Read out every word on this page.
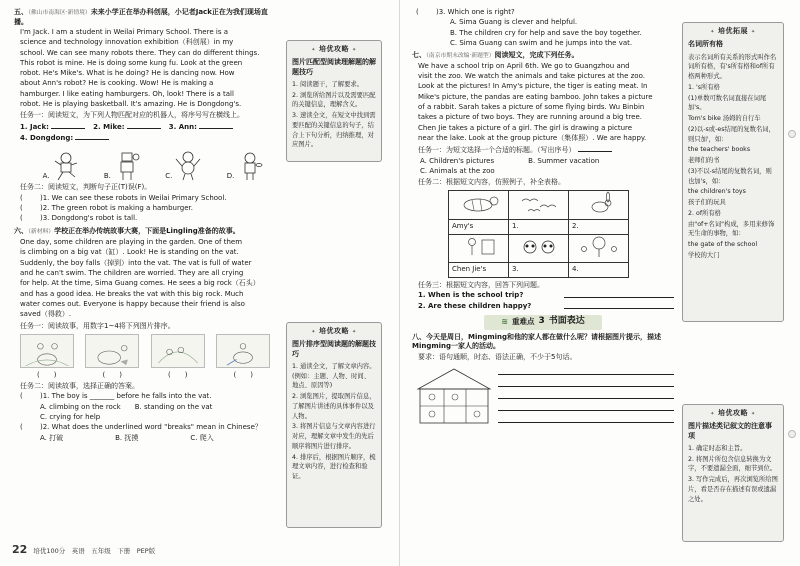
五、（佛山市南海区·新情境）未来小学正在举办科创展，小记者Jack正在为我们现场直播。

I'm Jack. I am a student in Weilai Primary School. There is a

science and technology innovation exhibition（科创展）in my

school. We can see many robots there. They can do different things.

This robot is mine. He is doing some kung fu. Look at the green

robot. He's Mike's. What is he doing? He is dancing now. How

about Ann's robot? He is cooking. Wow! He is making a

hamburger. I like eating hamburgers. Oh, look! There is a tall

robot. He is playing basketball. It's amazing. He is Dongdong's.

任务一：阅读短文，为下列人物匹配对应的机器人，将序号写在横线上。

1. Jack:	2. Mike:	3. Ann:

4. Dongdong:

A.	B.	C.	D.

任务二：阅读短文，判断句子正(T)误(F)。

( )1. We can see these robots in Weilai Primary School.

( )2. The green robot is making a hamburger.

( )3. Dongdong's robot is tall.

六、（新材料）学校正在举办传统故事大赛，下面是Lingling准备的故事。

One day, some children are playing in the garden. One of them

is climbing on a big vat（缸）. Look! He is standing on the vat.

Suddenly, the boy falls（掉到）into the vat. The vat is full of water

and he can't swim. The children are worried. They are all crying

for help. At the time, Sima Guang comes. He sees a big rock（石头）

and has a good idea. He breaks the vat with this big rock. Much

water comes out. Everyone is happy because their friend is also

saved（得救）.

任务一：阅读故事，用数字1~4将下列图片排序。

(　　)	(　　)	(　　)	(　　)

任务二：阅读故事，选择正确的答案。

( )1. The boy is _______ before he falls into the vat.

A. climbing on the rock B. standing on the vat

C. crying for help

( )2. What does the underlined word "breaks" mean in Chinese？

A. 打破	B. 抚摸	C. 爬入

✦ 培优攻略 ✦
图片匹配型阅读理解题的解题技巧

1. 阅读题干，了解要求。

2. 浏览所给图片以及需要匹配的关键信息，理解含义。

3. 速读全文，在短文中找到需要匹配的关键信息的句子，结合上下句分析，归纳推理，对应图片。

✦ 培优攻略 ✦
图片排序型阅读题的解题技巧

1. 通读全文，了解文章内容。(例如：主题、人物、时间、地点、原因等)

2. 浏览图片，提取图片信息，了解图片讲述的具体事件以及人物。

3. 将图片信息与文章内容进行对应，理解文章中发生的先后顺序将图片进行排序。

4. 排序后，根据图片顺序，梳理文章内容，进行检查和验证。

22 培优100分　英语　五年级　下册　PEP版

( )3. Which one is right?

A. Sima Guang is clever and helpful.

B. The children cry for help and save the boy together.

C. Sima Guang can swim and he jumps into the vat.

七、（南京市期末改编·新题型）阅读短文，完成下列任务。

We have a school trip on April 6th. We go to Guangzhou and

visit the zoo. We watch the animals and take pictures at the zoo.

Look at the pictures! In Amy's picture, the tiger is eating meat. In

Mike's picture, the pandas are eating bamboo. John takes a picture

of a rabbit. Sarah takes a picture of some flying birds. Wu Binbin

takes a picture of two boys. They are running around a big tree.

Chen Jie takes a picture of a girl. The girl is drawing a picture

near the lake. Look at the group picture（集体照）. We are happy.

任务一：为短文选择一个合适的标题。（写出序号）

A. Children's pictures	B. Summer vacation

C. Animals at the zoo

任务二：根据短文内容，仿照例子，补全表格。

Amy's	1.	2.

Chen Jie's	3.	4.

任务三：根据短文内容，回答下列问题。

1. When is the school trip?

2. Are these children happy?

≋ 重难点 3 书面表达

八、今天是周日，Mingming和他的家人都在做什么呢？请根据图片提示，描述Mingming一家人的活动。

要求：语句通顺，时态、语法正确，不少于5句话。

✦ 培优拓展 ✦
名词所有格

表示名词所有关系的形式叫作名词所有格，有's所有格和of所有格两种形式。

1. 's所有格

(1)单数可数名词直接在词尾加's。

Tom's bike 汤姆的自行车

(2)以-s或-es结尾的复数名词，则只加'，如：

the teachers' books

老师们的书

(3)不以-s结尾的复数名词，则也加's，如：

the children's toys

孩子们的玩具

2. of所有格

由"of+名词"构成，多用来修饰无生命的事物，如：

the gate of the school

学校的大门

✦ 培优攻略 ✦
图片描述类记叙文的注意事项

1. 确定时态和主旨。

2. 将图片所包含信息转换为文字，不要遗漏全面，细节到位。

3. 写作完成后，再次浏览所给图片，看是否存在描述有误或遗漏之处。
